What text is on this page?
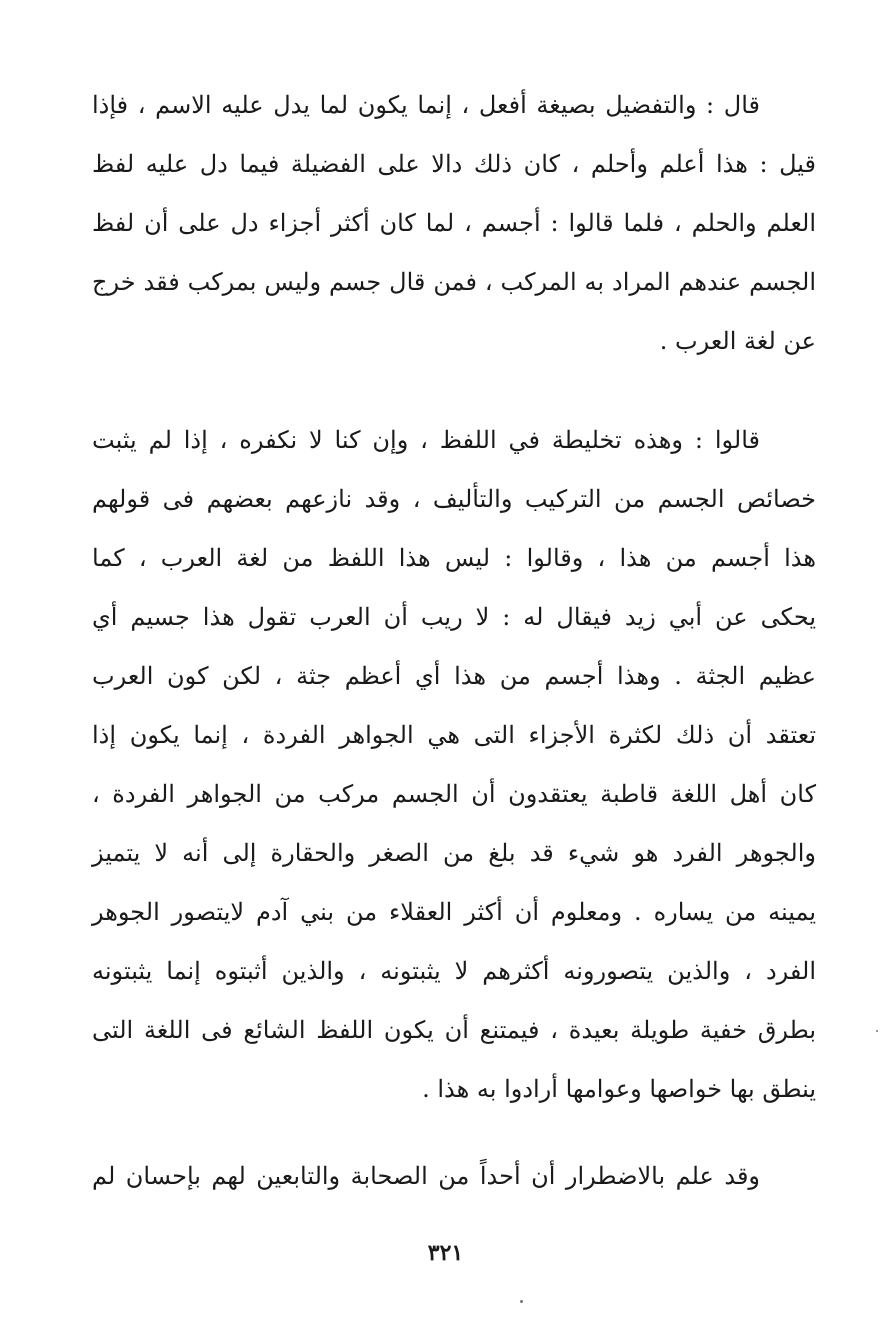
قال : والتفضيل بصيغة أفعل ، إنما يكون لما يدل عليه الاسم ، فإذا
قيل : هذا أعلم وأحلم ، كان ذلك دالا على الفضيلة فيما دل عليه لفظ
العلم والحلم ، فلما قالوا : أجسم ، لما كان أكثر أجزاء دل على أن لفظ
الجسم عندهم المراد به المركب ، فمن قال جسم وليس بمركب فقد خرج
عن لغة العرب .
قالوا : وهذه تخليطة في اللفظ ، وإن كنا لا نكفره ، إذا لم يثبت
خصائص الجسم من التركيب والتأليف ، وقد نازعهم بعضهم فى قولهم
هذا أجسم من هذا ، وقالوا : ليس هذا اللفظ من لغة العرب ، كما
يحكى عن أبي زيد فيقال له : لا ريب أن العرب تقول هذا جسيم أي
عظيم الجثة . وهذا أجسم من هذا أي أعظم جثة ، لكن كون العرب
تعتقد أن ذلك لكثرة الأجزاء التى هي الجواهر الفردة ، إنما يكون إذا
كان أهل اللغة قاطبة يعتقدون أن الجسم مركب من الجواهر الفردة ،
والجوهر الفرد هو شيء قد بلغ من الصغر والحقارة إلى أنه لا يتميز
يمينه من يساره . ومعلوم أن أكثر العقلاء من بني آدم لايتصور الجوهر
الفرد ، والذين يتصورونه أكثرهم لا يثبتونه ، والذين أثبتوه إنما يثبتونه
بطرق خفية طويلة بعيدة ، فيمتنع أن يكون اللفظ الشائع فى اللغة التى
ينطق بها خواصها وعوامها أرادوا به هذا .
وقد علم بالاضطرار أن أحداً من الصحابة والتابعين لهم بإحسان لم
٣٢١
